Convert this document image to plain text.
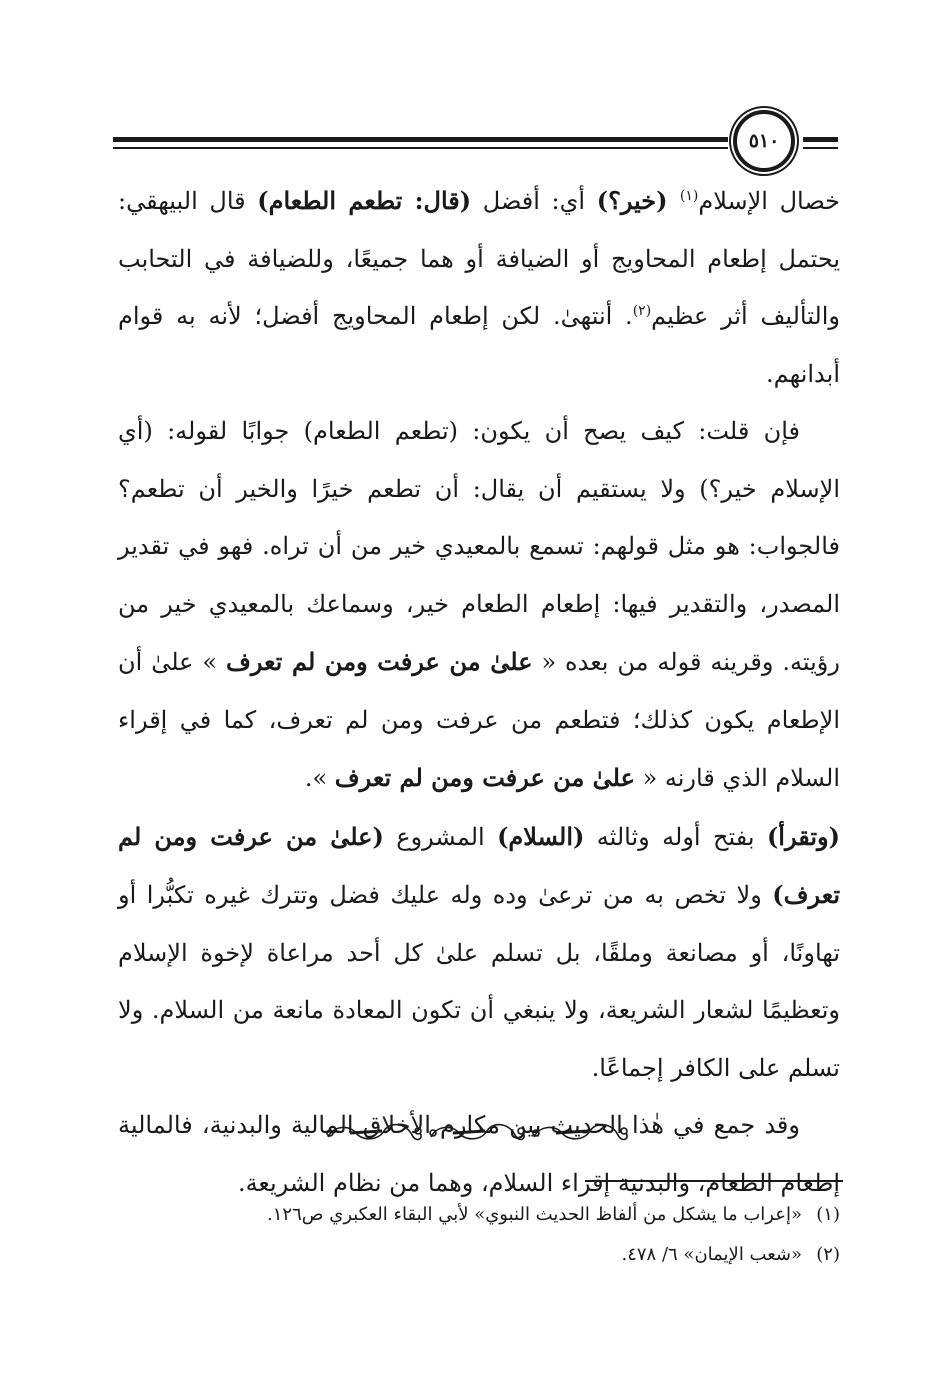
٥١٠

خصال الإسلام$^{(١)}$ (خير؟) أي: أفضل (قال: تطعم الطعام) قال البيهقي: يحتمل إطعام المحاويج أو الضيافة أو هما جميعًا، وللضيافة في التحابب والتأليف أثر عظيم$^{(٢)}$. أنتهىٰ. لكن إطعام المحاويج أفضل؛ لأنه به قوام أبدانهم.

فإن قلت: كيف يصح أن يكون: (تطعم الطعام) جوابًا لقوله: (أي الإسلام خير؟) ولا يستقيم أن يقال: أن تطعم خيرًا والخير أن تطعم؟ فالجواب: هو مثل قولهم: تسمع بالمعيدي خير من أن تراه. فهو في تقدير المصدر، والتقدير فيها: إطعام الطعام خير، وسماعك بالمعيدي خير من رؤيته. وقرينه قوله من بعده « علىٰ من عرفت ومن لم تعرف » علىٰ أن الإطعام يكون كذلك؛ فتطعم من عرفت ومن لم تعرف، كما في إقراء السلام الذي قارنه « علىٰ من عرفت ومن لم تعرف ».

(وتقرأ) بفتح أوله وثالثه (السلام) المشروع (علىٰ من عرفت ومن لم تعرف) ولا تخص به من ترعىٰ وده وله عليك فضل وتترك غيره تكبُّرا أو تهاونًا، أو مصانعة وملقًا، بل تسلم علىٰ كل أحد مراعاة لإخوة الإسلام وتعظيمًا لشعار الشريعة، ولا ينبغي أن تكون المعادة مانعة من السلام. ولا تسلم على الكافر إجماعًا.

وقد جمع في هٰذا الحديث بين مكارم الأخلاق المالية والبدنية، فالمالية إطعام الطعام، والبدنية إقراء السلام، وهما من نظام الشريعة.

(١)
«إعراب ما يشكل من ألفاظ الحديث النبوي» لأبي البقاء العكبري ص١٢٦.
(٢)
«شعب الإيمان» ٦/ ٤٧٨.
